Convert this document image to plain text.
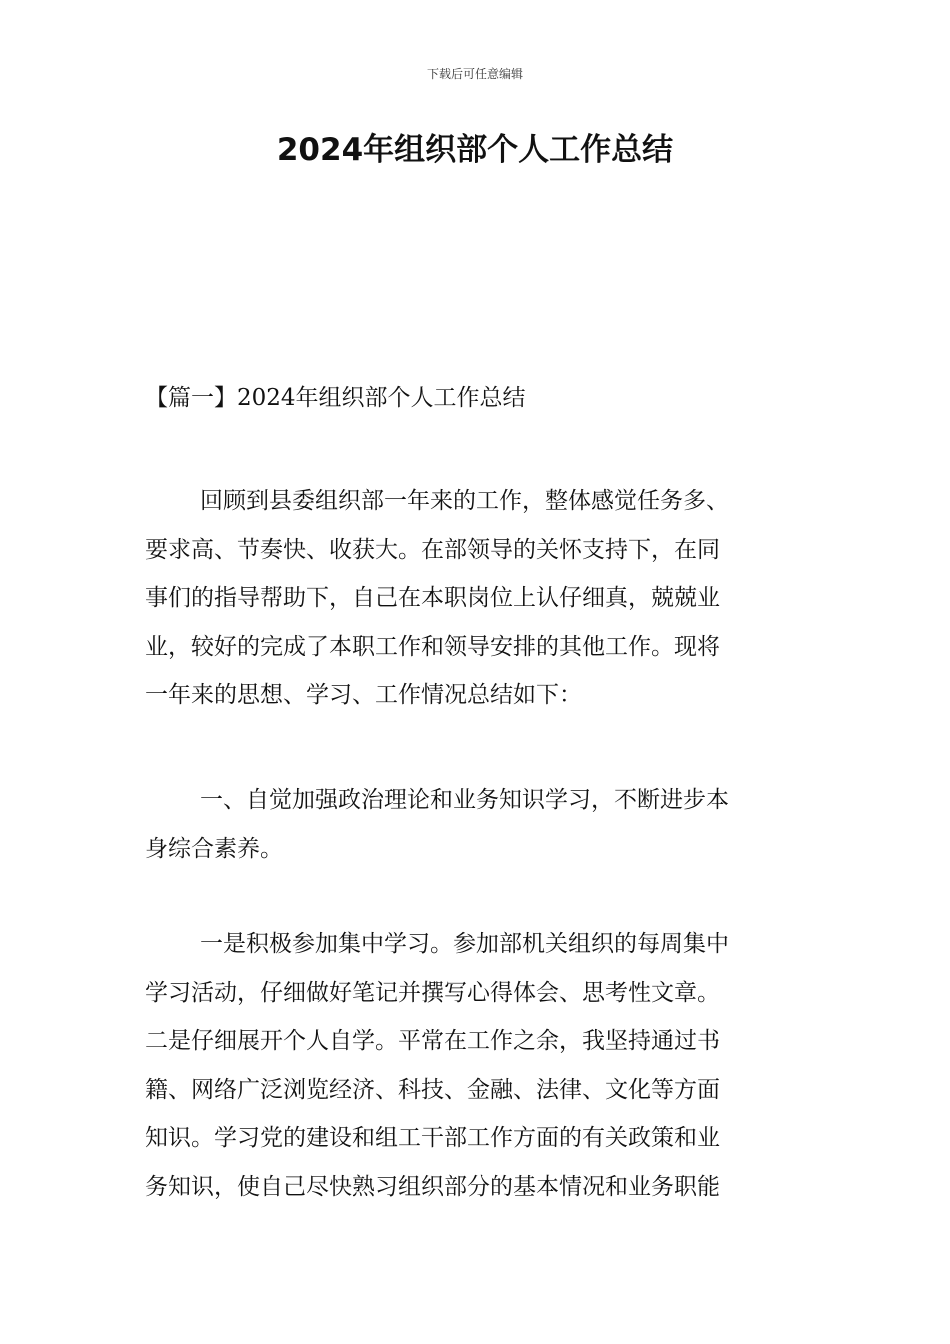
下载后可任意编辑
2024年组织部个人工作总结
【篇一】2024年组织部个人工作总结
回顾到县委组织部一年来的工作，整体感觉任务多、
要求高、节奏快、收获大。在部领导的关怀支持下，在同
事们的指导帮助下，自己在本职岗位上认仔细真，兢兢业
业，较好的完成了本职工作和领导安排的其他工作。现将
一年来的思想、学习、工作情况总结如下：
一、自觉加强政治理论和业务知识学习，不断进步本
身综合素养。
一是积极参加集中学习。参加部机关组织的每周集中
学习活动，仔细做好笔记并撰写心得体会、思考性文章。
二是仔细展开个人自学。平常在工作之余，我坚持通过书
籍、网络广泛浏览经济、科技、金融、法律、文化等方面
知识。学习党的建设和组工干部工作方面的有关政策和业
务知识，使自己尽快熟习组织部分的基本情况和业务职能
